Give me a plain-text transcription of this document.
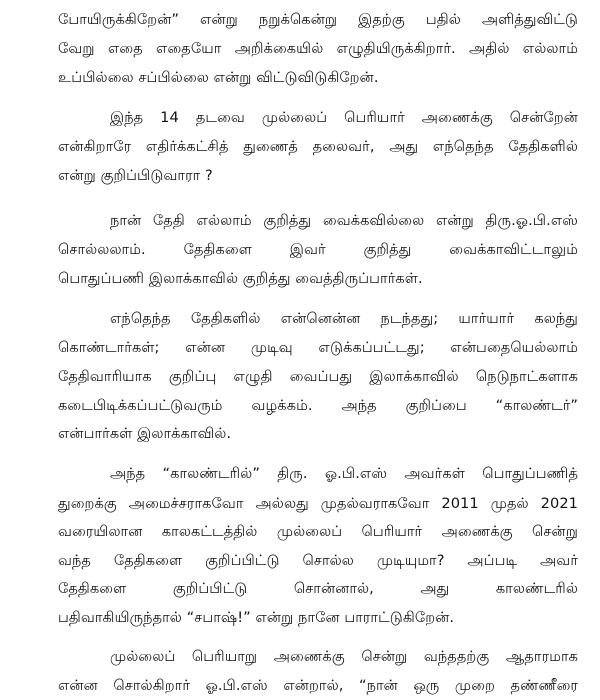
போயிருக்கிறேன்” என்று நறுக்கென்று இதற்கு பதில் அளித்துவிட்டு
வேறு எதை எதையோ அறிக்கையில் எழுதியிருக்கிறார். அதில் எல்லாம்
உப்பில்லை சப்பில்லை என்று விட்டுவிடுகிறேன்.
இந்த 14 தடவை முல்லைப் பெரியார் அணைக்கு சென்றேன்
என்கிறாரே எதிர்க்கட்சித் துணைத் தலைவர், அது எந்தெந்த தேதிகளில்
என்று குறிப்பிடுவாரா ?
நான் தேதி எல்லாம் குறித்து வைக்கவில்லை என்று திரு.ஓ.பி.எஸ்
சொல்லலாம். தேதிகளை இவர் குறித்து வைக்காவிட்டாலும்
பொதுப்பணி இலாக்காவில் குறித்து வைத்திருப்பார்கள்.
எந்தெந்த தேதிகளில் என்னென்ன நடந்தது; யார்யார் கலந்து
கொண்டார்கள்; என்ன முடிவு எடுக்கப்பட்டது; என்பதையெல்லாம்
தேதிவாரியாக குறிப்பு எழுதி வைப்பது இலாக்காவில் நெடுநாட்களாக
கடைபிடிக்கப்பட்டுவரும் வழக்கம். அந்த குறிப்பை “காலண்டர்”
என்பார்கள் இலாக்காவில்.
அந்த “காலண்டரில்” திரு. ஓ.பி.எஸ் அவர்கள் பொதுப்பணித்
துறைக்கு அமைச்சராகவோ அல்லது முதல்வராகவோ 2011 முதல் 2021
வரையிலான காலகட்டத்தில் முல்லைப் பெரியார் அணைக்கு சென்று
வந்த தேதிகளை குறிப்பிட்டு சொல்ல முடியுமா? அப்படி அவர்
தேதிகளை குறிப்பிட்டு சொன்னால், அது காலண்டரில்
பதிவாகியிருந்தால் “சபாஷ்!” என்று நானே பாராட்டுகிறேன்.
முல்லைப் பெரியாறு அணைக்கு சென்று வந்ததற்கு ஆதாரமாக
என்ன சொல்கிறார் ஓ.பி.எஸ் என்றால், “நான் ஒரு முறை தண்ணீரை
